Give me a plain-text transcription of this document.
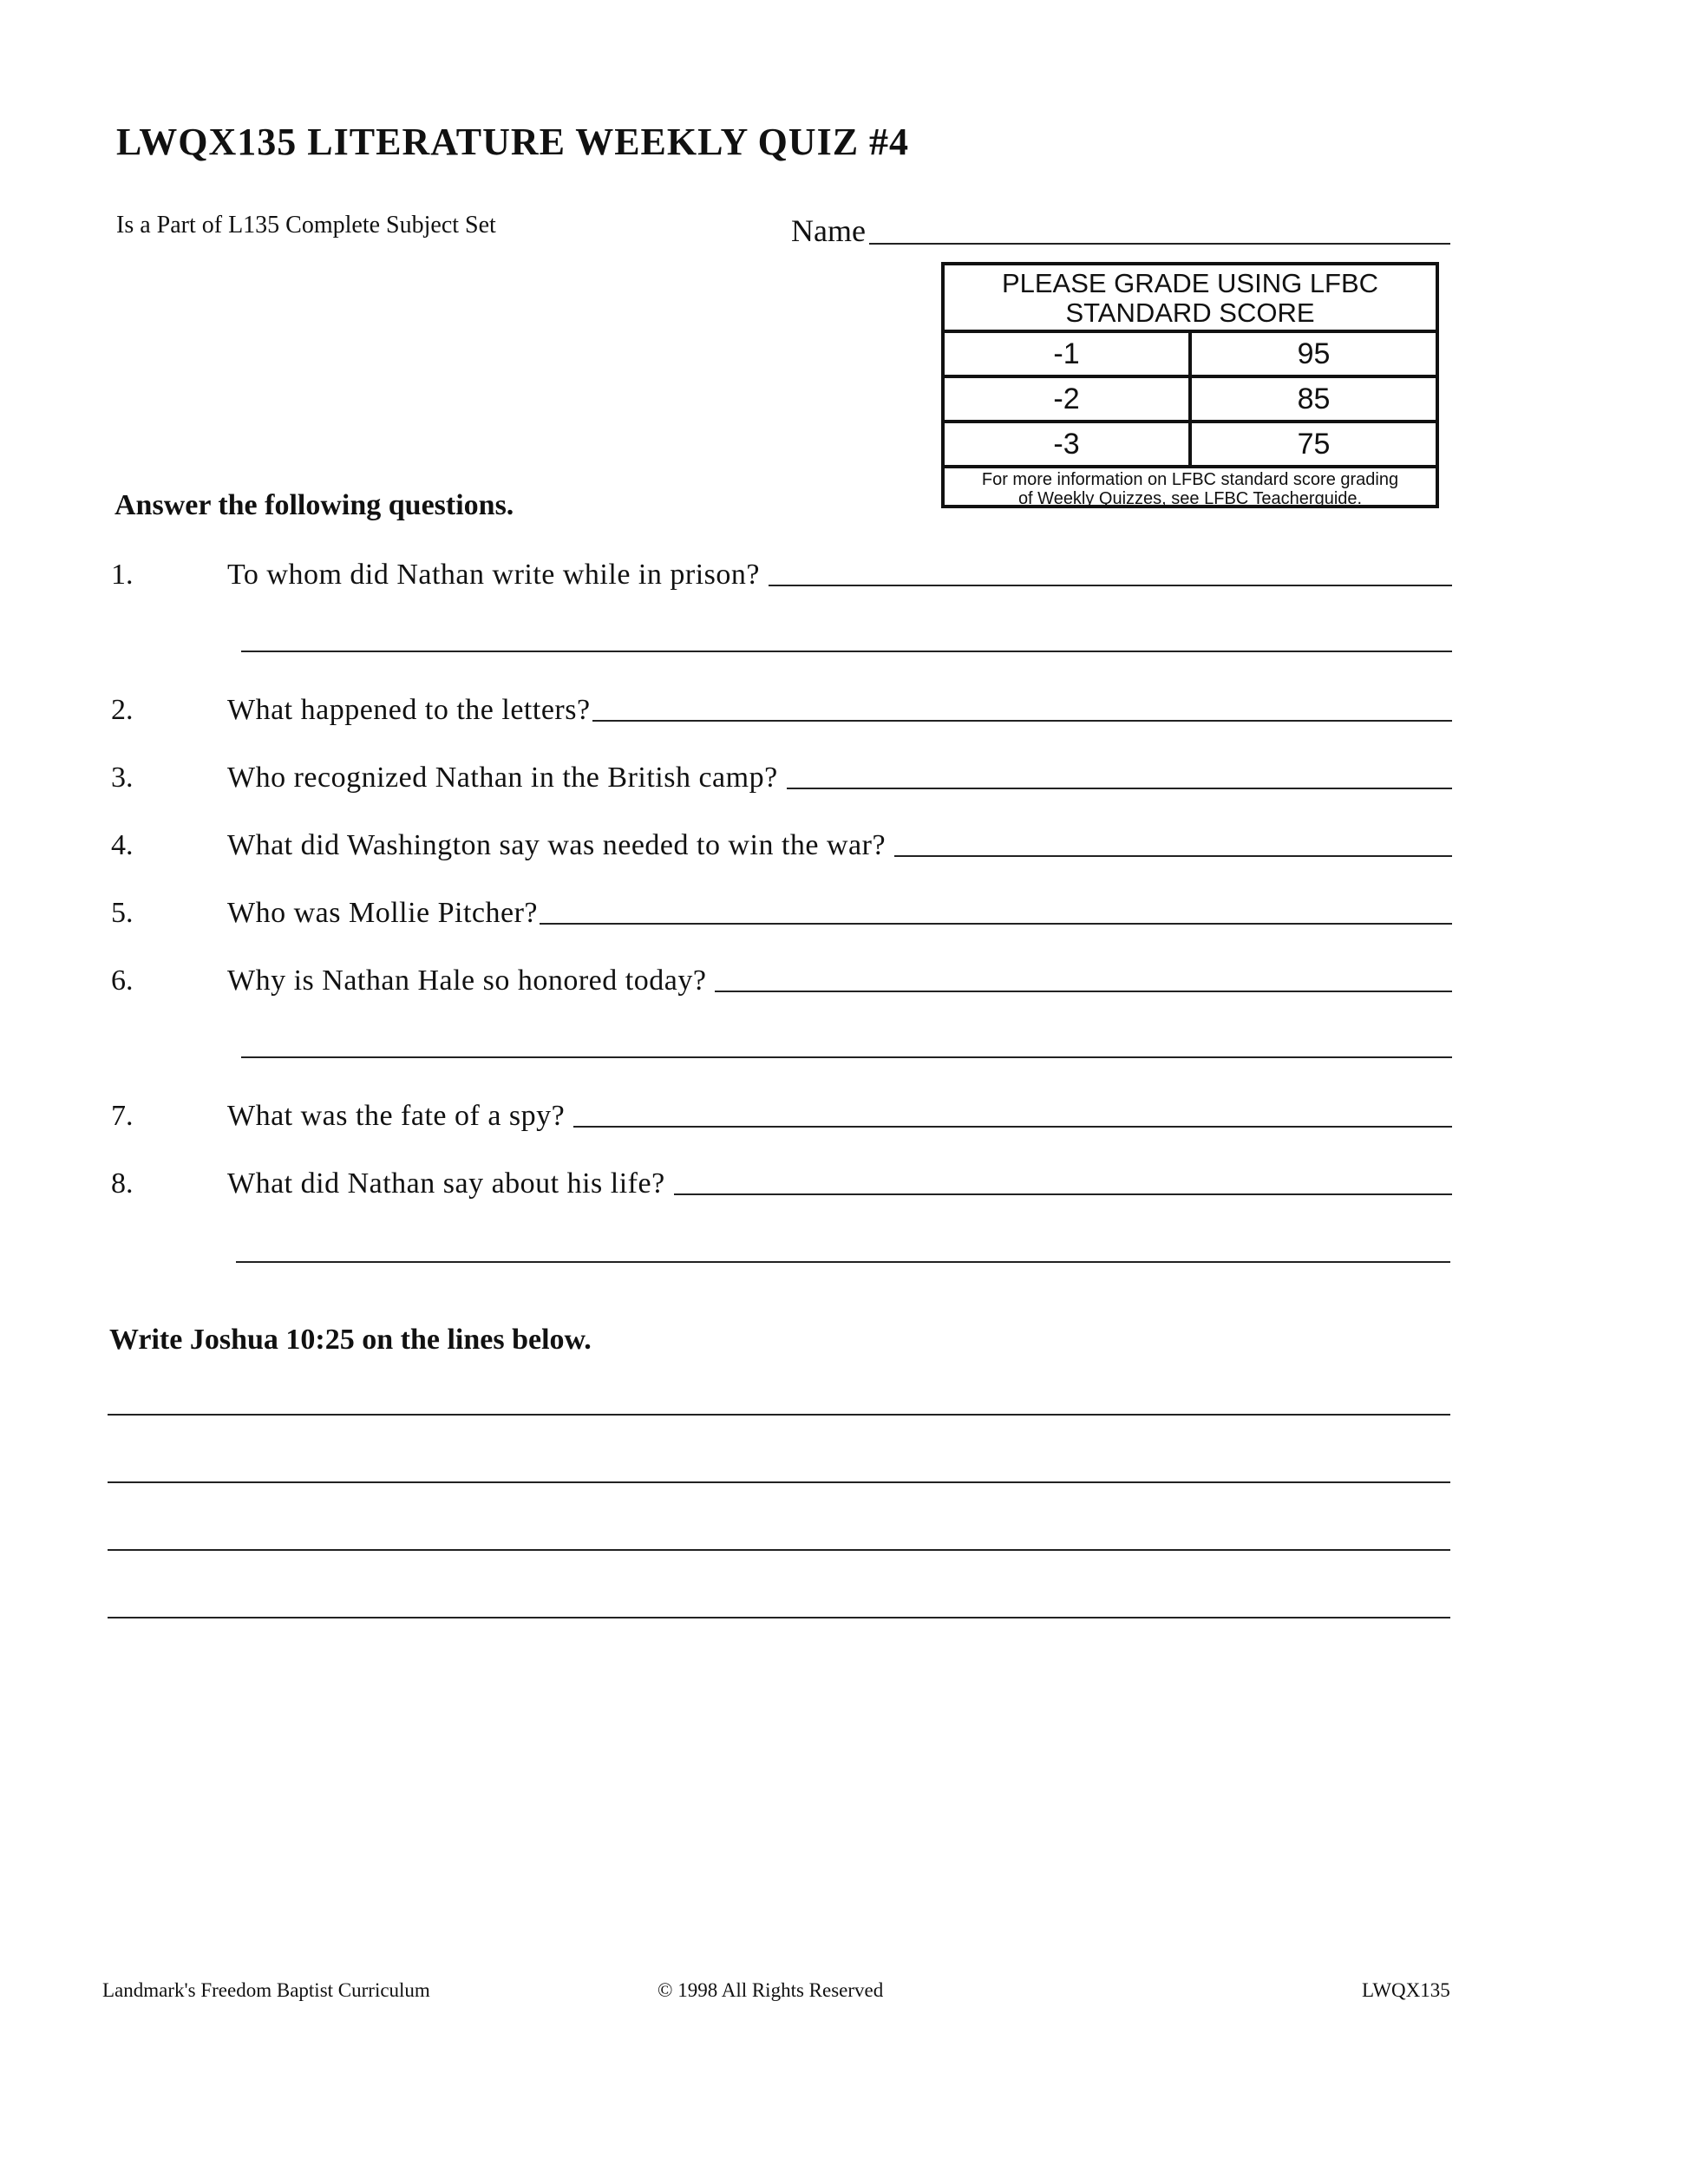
LWQX135 LITERATURE WEEKLY QUIZ #4
Is a Part of L135 Complete Subject Set	Name
PLEASE GRADE USING LFBC
STANDARD SCORE
-1	95
-2	85
-3	75
For more information on LFBC standard score grading
of Weekly Quizzes, see LFBC Teacherguide.
Answer the following questions.
1.	To whom did Nathan write while in prison?
2.	What happened to the letters?
3.	Who recognized Nathan in the British camp?
4.	What did Washington say was needed to win the war?
5.	Who was Mollie Pitcher?
6.	Why is Nathan Hale so honored today?
7.	What was the fate of a spy?
8.	What did Nathan say about his life?
Write Joshua 10:25 on the lines below.
Landmark's Freedom Baptist Curriculum	© 1998 All Rights Reserved	LWQX135
